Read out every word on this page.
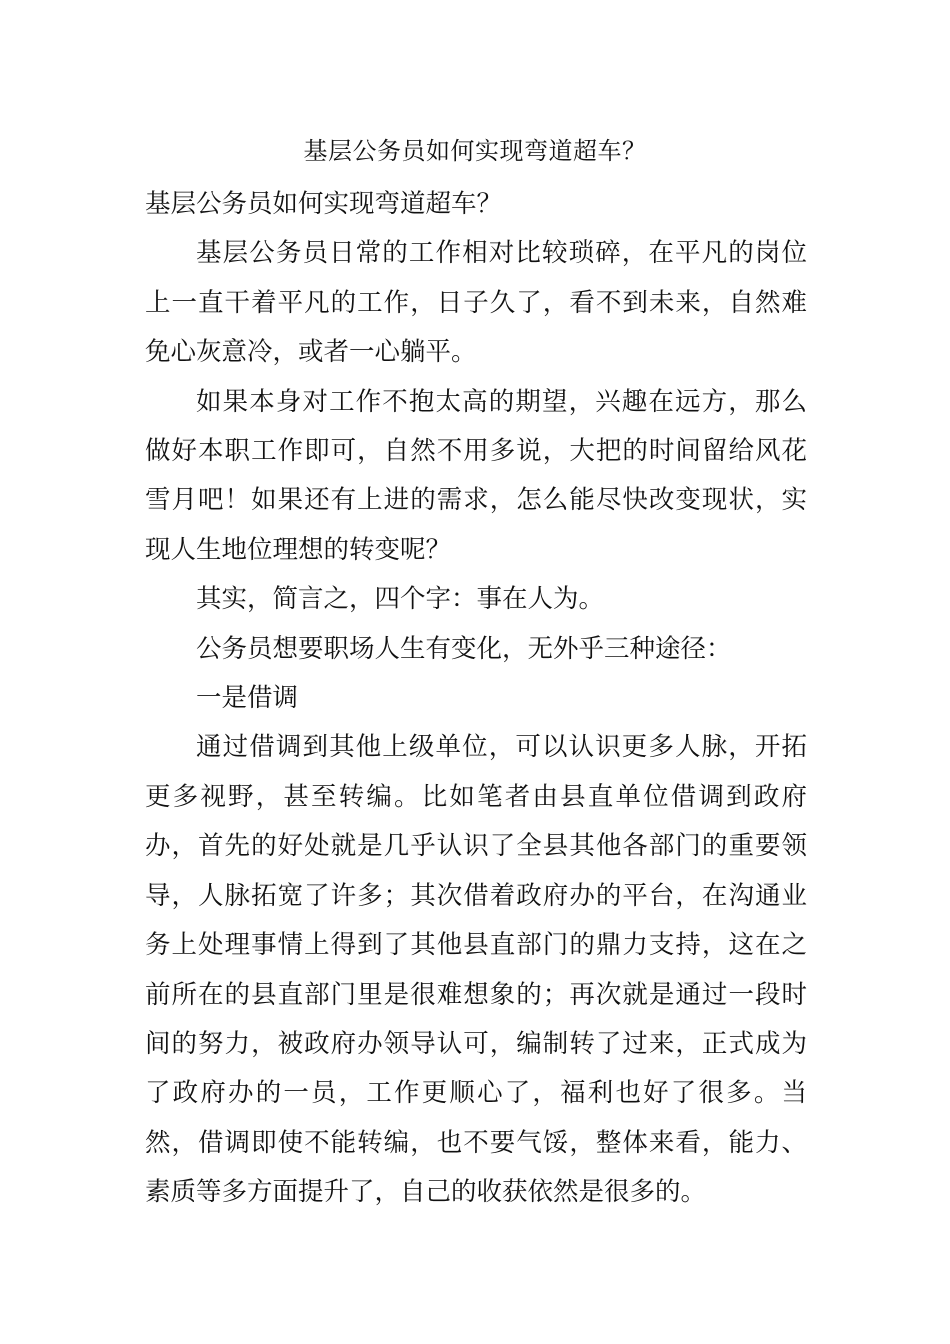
基层公务员如何实现弯道超车？

基层公务员如何实现弯道超车？

基层公务员日常的工作相对比较琐碎，在平凡的岗位上一直干着平凡的工作，日子久了，看不到未来，自然难免心灰意冷，或者一心躺平。

如果本身对工作不抱太高的期望，兴趣在远方，那么做好本职工作即可，自然不用多说，大把的时间留给风花雪月吧！如果还有上进的需求，怎么能尽快改变现状，实现人生地位理想的转变呢？

其实，简言之，四个字：事在人为。

公务员想要职场人生有变化，无外乎三种途径：

一是借调

通过借调到其他上级单位，可以认识更多人脉，开拓更多视野，甚至转编。比如笔者由县直单位借调到政府办，首先的好处就是几乎认识了全县其他各部门的重要领导，人脉拓宽了许多；其次借着政府办的平台，在沟通业务上处理事情上得到了其他县直部门的鼎力支持，这在之前所在的县直部门里是很难想象的；再次就是通过一段时间的努力，被政府办领导认可，编制转了过来，正式成为了政府办的一员，工作更顺心了，福利也好了很多。当然，借调即使不能转编，也不要气馁，整体来看，能力、素质等多方面提升了，自己的收获依然是很多的。
